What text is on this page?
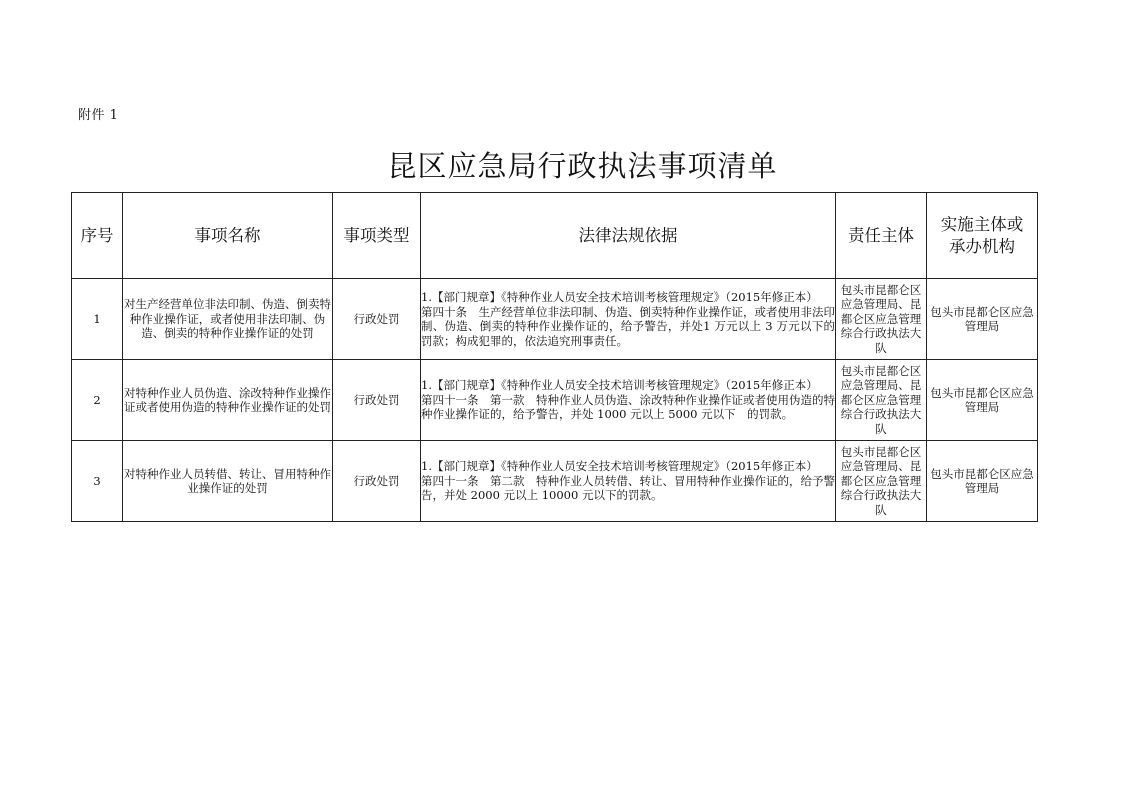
附件 1
昆区应急局行政执法事项清单
序号	事项名称	事项类型	法律法规依据	责任主体	实施主体或承办机构
1	对生产经营单位非法印制、伪造、倒卖特种作业操作证，或者使用非法印制、伪造、倒卖的特种作业操作证的处罚	行政处罚	1.【部门规章】《特种作业人员安全技术培训考核管理规定》（2015年修正本）
第四十条　生产经营单位非法印制、伪造、倒卖特种作业操作证，或者使用非法印制、伪造、倒卖的特种作业操作证的，给予警告，并处1 万元以上 3 万元以下的罚款；构成犯罪的，依法追究刑事责任。	包头市昆都仑区应急管理局、昆都仑区应急管理综合行政执法大队	包头市昆都仑区应急管理局
2	对特种作业人员伪造、涂改特种作业操作证或者使用伪造的特种作业操作证的处罚	行政处罚	1.【部门规章】《特种作业人员安全技术培训考核管理规定》（2015年修正本）
第四十一条　第一款　特种作业人员伪造、涂改特种作业操作证或者使用伪造的特种作业操作证的，给予警告，并处 1000 元以上 5000 元以下　的罚款。	包头市昆都仑区应急管理局、昆都仑区应急管理综合行政执法大队	包头市昆都仑区应急管理局
3	对特种作业人员转借、转让、冒用特种作业操作证的处罚	行政处罚	1.【部门规章】《特种作业人员安全技术培训考核管理规定》（2015年修正本）
第四十一条　第二款　特种作业人员转借、转让、冒用特种作业操作证的，给予警告，并处 2000 元以上 10000 元以下的罚款。	包头市昆都仑区应急管理局、昆都仑区应急管理综合行政执法大队	包头市昆都仑区应急管理局
